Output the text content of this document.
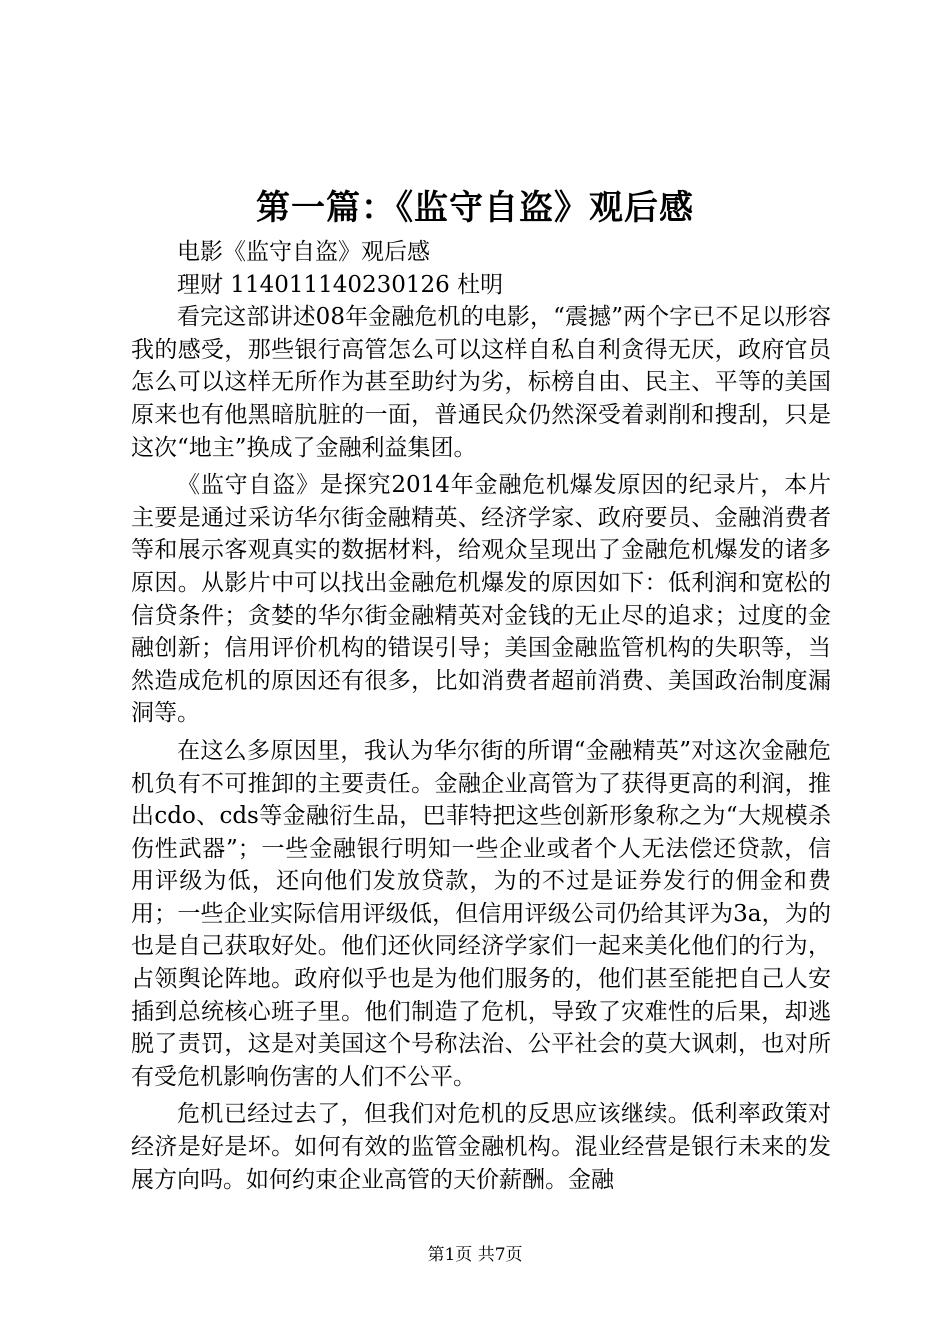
第一篇：《监守自盗》观后感
电影《监守自盗》观后感
理财 114011140230126 杜明

看完这部讲述08年金融危机的电影，“震撼”两个字已不足以形容我的感受，那些银行高管怎么可以这样自私自利贪得无厌，政府官员怎么可以这样无所作为甚至助纣为劣，标榜自由、民主、平等的美国原来也有他黑暗肮脏的一面，普通民众仍然深受着剥削和搜刮，只是这次“地主”换成了金融利益集团。

《监守自盗》是探究2014年金融危机爆发原因的纪录片，本片主要是通过采访华尔街金融精英、经济学家、政府要员、金融消费者等和展示客观真实的数据材料，给观众呈现出了金融危机爆发的诸多原因。从影片中可以找出金融危机爆发的原因如下：低利润和宽松的信贷条件；贪婪的华尔街金融精英对金钱的无止尽的追求；过度的金融创新；信用评价机构的错误引导；美国金融监管机构的失职等，当然造成危机的原因还有很多，比如消费者超前消费、美国政治制度漏洞等。

在这么多原因里，我认为华尔街的所谓“金融精英”对这次金融危机负有不可推卸的主要责任。金融企业高管为了获得更高的利润，推出cdo、cds等金融衍生品，巴菲特把这些创新形象称之为“大规模杀伤性武器”；一些金融银行明知一些企业或者个人无法偿还贷款，信用评级为低，还向他们发放贷款，为的不过是证券发行的佣金和费用；一些企业实际信用评级低，但信用评级公司仍给其评为3a，为的也是自己获取好处。他们还伙同经济学家们一起来美化他们的行为，占领舆论阵地。政府似乎也是为他们服务的，他们甚至能把自己人安插到总统核心班子里。他们制造了危机，导致了灾难性的后果，却逃脱了责罚，这是对美国这个号称法治、公平社会的莫大讽刺，也对所有受危机影响伤害的人们不公平。

危机已经过去了，但我们对危机的反思应该继续。低利率政策对经济是好是坏。如何有效的监管金融机构。混业经营是银行未来的发展方向吗。如何约束企业高管的天价薪酬。金融

第1页 共7页
